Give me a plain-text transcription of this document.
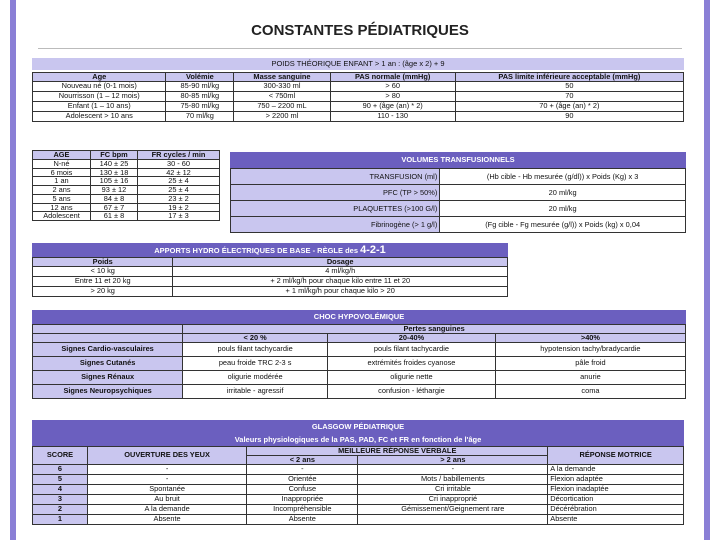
CONSTANTES PÉDIATRIQUES
POIDS THÉORIQUE ENFANT > 1 an : (âge x 2) + 9
Age	Volémie	Masse sanguine	PAS normale (mmHg)	PAS limite inférieure acceptable (mmHg)
Nouveau né (0-1 mois)	85-90 ml/kg	300-330 ml	> 60	50
Nourrisson (1 – 12 mois)	80-85 ml/kg	< 750ml	> 80	70
Enfant (1 – 10 ans)	75-80 ml/kg	750 – 2200 mL	90 + (âge (an) * 2)	70 + (âge (an) * 2)
Adolescent > 10 ans	70 ml/kg	> 2200 ml	110 - 130	90
AGE	FC bpm	FR cycles / min
N-né	140 ± 25	30 - 60
6 mois	130 ± 18	42 ± 12
1 an	105 ± 16	25 ± 4
2 ans	93 ± 12	25 ± 4
5 ans	84 ± 8	23 ± 2
12 ans	67 ± 7	19 ± 2
Adolescent	61 ± 8	17 ± 3
VOLUMES TRANSFUSIONNELS
TRANSFUSION (ml)	(Hb cible - Hb mesurée (g/dl)) x Poids (Kg) x 3
PFC (TP > 50%)	20 ml/kg
PLAQUETTES (>100 G/l)	20 ml/kg
Fibrinogène (> 1 g/l)	(Fg cible - Fg mesurée (g/l)) x Poids (kg) x 0,04
APPORTS HYDRO ÉLECTRIQUES DE BASE - RÈGLE des 4-2-1
Poids	Dosage
< 10 kg	4 ml/kg/h
Entre 11 et 20 kg	+ 2 ml/kg/h pour chaque kilo entre 11 et 20
> 20 kg	+ 1 ml/kg/h pour chaque kilo > 20
CHOC HYPOVOLÉMIQUE
	Pertes sanguines		
	< 20 %	20-40%	>40%
Signes Cardio-vasculaires	pouls filant tachycardie	pouls filant tachycardie	hypotension tachy/bradycardie
Signes Cutanés	peau froide TRC 2-3 s	extrémités froides cyanose	pâle froid
Signes Rénaux	oligurie modérée	oligurie nette	anurie
Signes Neuropsychiques	irritable - agressif	confusion - léthargie	coma
GLASGOW PÉDIATRIQUE
Valeurs physiologiques de la PAS, PAD, FC et FR en fonction de l'âge
SCORE	OUVERTURE DES YEUX	MEILLEURE RÉPONSE VERBALE		RÉPONSE MOTRICE
		< 2 ans	> 2 ans	
6	-	-	-	A la demande
5	-	Orientée	Mots / babillements	Flexion adaptée
4	Spontanée	Confuse	Cri irritable	Flexion inadaptée
3	Au bruit	Inappropriée	Cri inapproprié	Décortication
2	A la demande	Incompréhensible	Gémissement/Geignement rare	Décérébration
1	Absente	Absente		Absente
